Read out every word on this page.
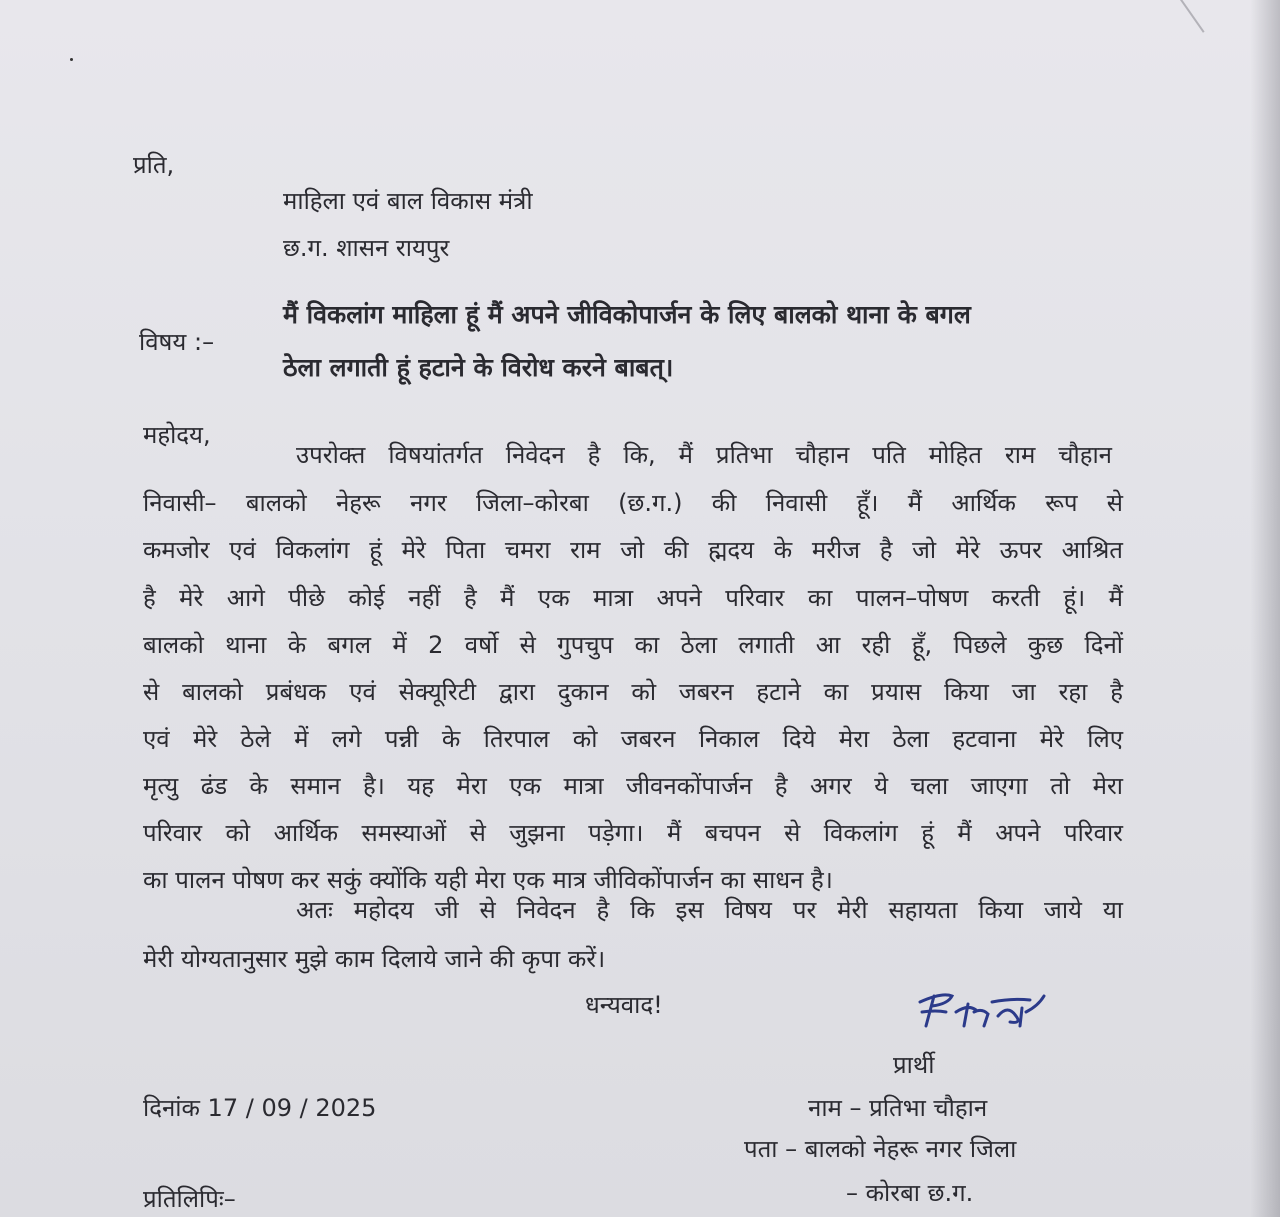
प्रति,
माहिला एवं बाल विकास मंत्री
छ.ग. शासन रायपुर
विषय :–
मैं विकलांग माहिला हूं मैं अपने जीविकोपार्जन के लिए बालको थाना के बगल
ठेला लगाती हूं हटाने के विरोध करने बाबत्।
महोदय,
उपरोक्त विषयांतर्गत निवेदन है कि, मैं प्रतिभा चौहान पति मोहित राम चौहान
निवासी– बालको नेहरू नगर जिला–कोरबा (छ.ग.) की निवासी हूँ। मैं आर्थिक रूप से
कमजोर एवं विकलांग हूं मेरे पिता चमरा राम जो की ह्मदय के मरीज है जो मेरे ऊपर आश्रित
है मेरे आगे पीछे कोई नहीं है मैं एक मात्रा अपने परिवार का पालन–पोषण करती हूं। मैं
बालको थाना के बगल में 2 वर्षो से गुपचुप का ठेला लगाती आ रही हूँ, पिछले कुछ दिनों
से बालको प्रबंधक एवं सेक्यूरिटी द्वारा दुकान को जबरन हटाने का प्रयास किया जा रहा है
एवं मेरे ठेले में लगे पन्नी के तिरपाल को जबरन निकाल दिये मेरा ठेला हटवाना मेरे लिए
मृत्यु ढंड के समान है। यह मेरा एक मात्रा जीवनकोंपार्जन है अगर ये चला जाएगा तो मेरा
परिवार को आर्थिक समस्याओं से जुझना पड़ेगा। मैं बचपन से विकलांग हूं मैं अपने परिवार
का पालन पोषण कर सकुं क्योंकि यही मेरा एक मात्र जीविकोंपार्जन का साधन है।
अतः महोदय जी से निवेदन है कि इस विषय पर मेरी सहायता किया जाये या
मेरी योग्यतानुसार मुझे काम दिलाये जाने की कृपा करें।
धन्यवाद!
प्रार्थी
दिनांक 17 / 09 / 2025	नाम – प्रतिभा चौहान
पता – बालको नेहरू नगर जिला
– कोरबा छ.ग.
प्रतिलिपिः–
